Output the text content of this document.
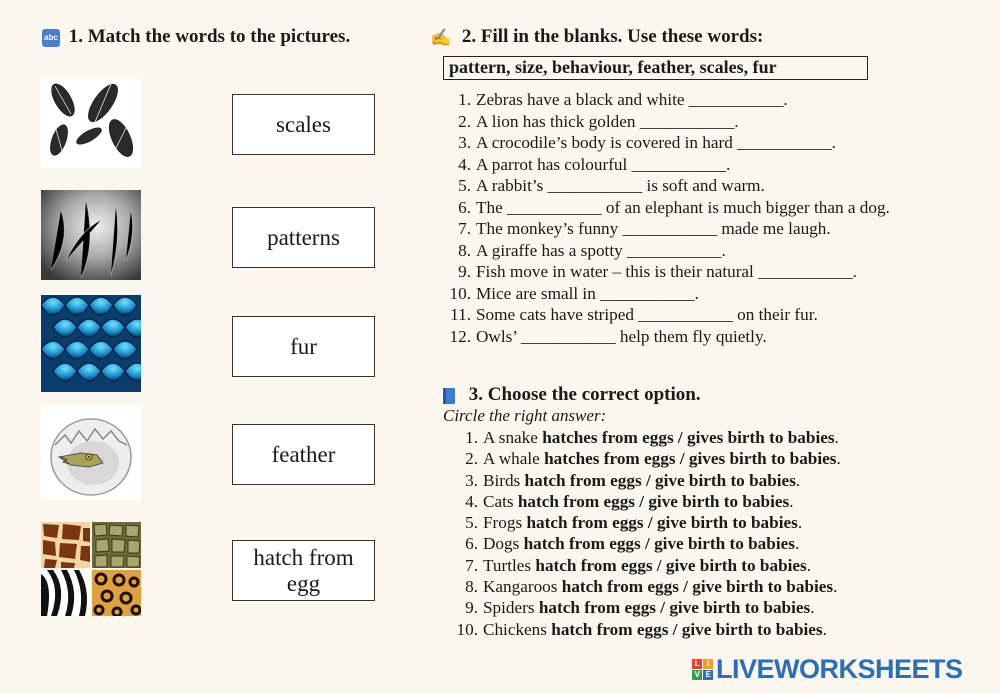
abc 1. Match the words to the pictures.
scales
patterns
fur
feather
hatch from egg
✍ 2. Fill in the blanks. Use these words:
pattern, size, behaviour, feather, scales, fur
1. Zebras have a black and white ___________ .
2. A lion has thick golden ___________ .
3. A crocodile’s body is covered in hard ___________ .
4. A parrot has colourful ___________ .
5. A rabbit’s ___________ is soft and warm.
6. The ___________ of an elephant is much bigger than a dog.
7. The monkey’s funny ___________ made me laugh.
8. A giraffe has a spotty ___________ .
9. Fish move in water – this is their natural ___________ .
10. Mice are small in ___________ .
11. Some cats have striped ___________ on their fur.
12. Owls’ ___________ help them fly quietly.
3. Choose the correct option.
Circle the right answer:
1. A snake hatches from eggs / gives birth to babies .
2. A whale hatches from eggs / gives birth to babies .
3. Birds hatch from eggs / give birth to babies .
4. Cats hatch from eggs / give birth to babies .
5. Frogs hatch from eggs / give birth to babies .
6. Dogs hatch from eggs / give birth to babies .
7. Turtles hatch from eggs / give birth to babies .
8. Kangaroos hatch from eggs / give birth to babies .
9. Spiders hatch from eggs / give birth to babies .
10. Chickens hatch from eggs / give birth to babies .
L I
V E LIVEWORKSHEETS
